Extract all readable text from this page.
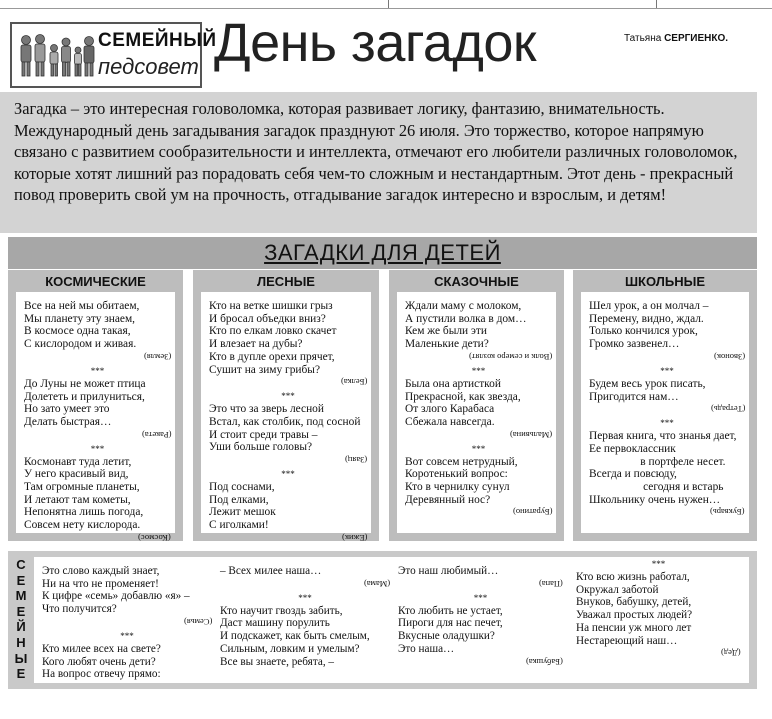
СЕМЕЙНЫЙ
педсовет День загадок	Татьяна СЕРГИЕНКО.

Загадка – это интересная головоломка, которая развивает логику, фантазию, внимательность. Международный день загадывания загадок празднуют 26 июля. Это торжество, которое напрямую связано с развитием сообразительности и интеллекта, отмечают его любители различных головоломок, которые хотят лишний раз порадовать себя чем-то сложным и нестандартным. Этот день - прекрасный повод проверить свой ум на прочность, отгадывание загадок интересно и взрослым, и детям!

ЗАГАДКИ ДЛЯ ДЕТЕЙ
КОСМИЧЕСКИЕ

Все на ней мы обитаем,
Мы планету эту знаем,
В космосе одна такая,
С кислородом и живая.

(Земля)
***

До Луны не может птица
Долететь и прилуниться,
Но зато умеет это
Делать быстрая…

(Ракета)
***

Космонавт туда летит,
У него красивый вид,
Там огромные планеты,
И летают там кометы,
Непонятна лишь погода,
Совсем нету кислорода.

(Космос)
ЛЕСНЫЕ

Кто на ветке шишки грыз
И бросал объедки вниз?
Кто по елкам ловко скачет
И влезает на дубы?
Кто в дупле орехи прячет,
Сушит на зиму грибы?

(Белка)
***

Это что за зверь лесной
Встал, как столбик, под сосной
И стоит среди травы –
Уши больше головы?

(Заяц)
***

Под соснами,
Под елками,
Лежит мешок
С иголками!

(Ежик)
СКАЗОЧНЫЕ

Ждали маму с молоком,
А пустили волка в дом…
Кем же были эти
Маленькие дети?

(Волк и семеро козлят)
***

Была она артисткой
Прекрасной, как звезда,
От злого Карабаса
Сбежала навсегда.

(Мальвина)
***

Вот совсем нетрудный,
Коротенький вопрос:
Кто в чернилку сунул
Деревянный нос?

(Буратино)
ШКОЛЬНЫЕ

Шел урок, а он молчал –
Перемену, видно, ждал.
Только кончился урок,
Громко зазвенел…

(Звонок)
***

Будем весь урок писать,
Пригодится нам…

(Тетрадь)
***

Первая книга, что знанья дает,
Ее первоклассник
в портфеле несет.
Всегда и повсюду,
сегодня и встарь
Школьнику очень нужен…

(Букварь)
С
Е
М
Е
Й
Н
Ы
Е

Это слово каждый знает,
Ни на что не променяет!
К цифре «семь» добавлю «я» –
Что получится?

(Семья)
***

Кто милее всех на свете?
Кого любят очень дети?
На вопрос отвечу прямо:

– Всех милее наша…

(Мама)
***

Кто научит гвоздь забить,
Даст машину порулить
И подскажет, как быть смелым,
Сильным, ловким и умелым?
Все вы знаете, ребята, –

Это наш любимый…

(Папа)
***

Кто любить не устает,
Пироги для нас печет,
Вкусные оладушки?
Это наша…

(Бабушка)
***

Кто всю жизнь работал,
Окружал заботой
Внуков, бабушку, детей,
Уважал простых людей?
На пенсии уж много лет
Нестареющий наш…

(Дед)
